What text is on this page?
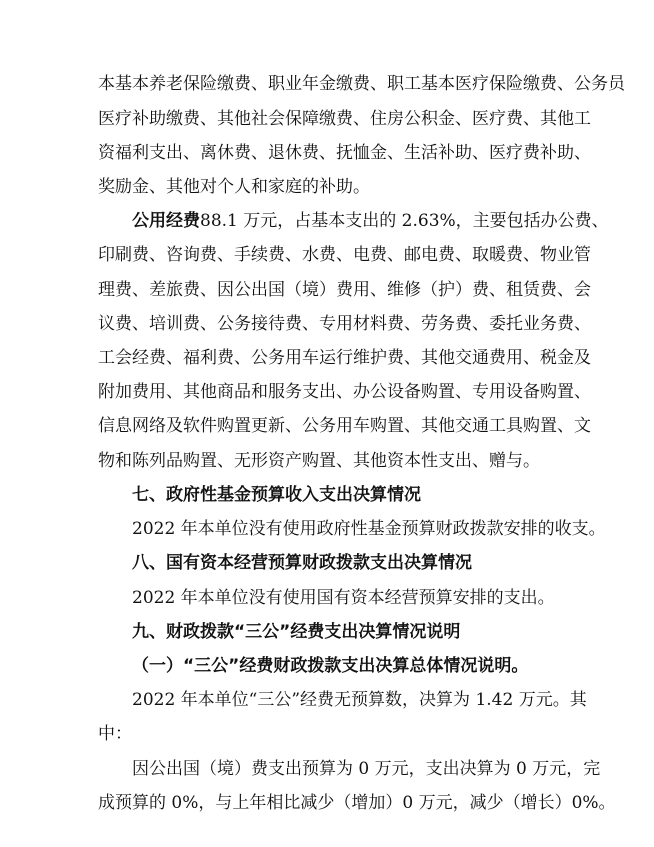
本基本养老保险缴费、职业年金缴费、职工基本医疗保险缴费、公务员
医疗补助缴费、其他社会保障缴费、住房公积金、医疗费、其他工
资福利支出、离休费、退休费、抚恤金、生活补助、医疗费补助、
奖励金、其他对个人和家庭的补助。
公用经费88.1 万元，占基本支出的 2.63%，主要包括办公费、
印刷费、咨询费、手续费、水费、电费、邮电费、取暖费、物业管
理费、差旅费、因公出国（境）费用、维修（护）费、租赁费、会
议费、培训费、公务接待费、专用材料费、劳务费、委托业务费、
工会经费、福利费、公务用车运行维护费、其他交通费用、税金及
附加费用、其他商品和服务支出、办公设备购置、专用设备购置、
信息网络及软件购置更新、公务用车购置、其他交通工具购置、文
物和陈列品购置、无形资产购置、其他资本性支出、赠与。
七、政府性基金预算收入支出决算情况
2022 年本单位没有使用政府性基金预算财政拨款安排的收支。
八、国有资本经营预算财政拨款支出决算情况
2022 年本单位没有使用国有资本经营预算安排的支出。
九、财政拨款“三公”经费支出决算情况说明
（一）“三公”经费财政拨款支出决算总体情况说明。
2022 年本单位“三公”经费无预算数，决算为 1.42 万元。其
中：
因公出国（境）费支出预算为 0 万元，支出决算为 0 万元，完
成预算的 0%，与上年相比减少（增加）0 万元，减少（增长）0%。
